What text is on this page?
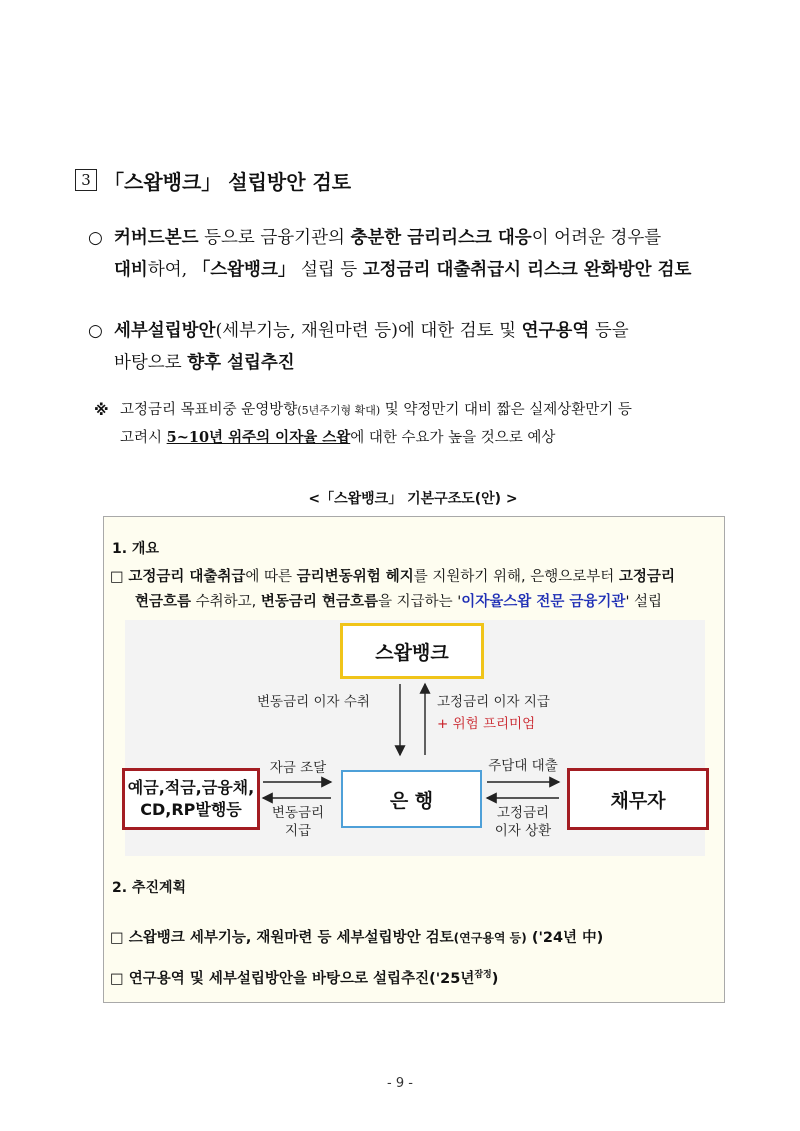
3 「스왑뱅크」 설립방안 검토
○ 커버드본드 등으로 금융기관의 충분한 금리리스크 대응이 어려운 경우를
대비하여, 「스왑뱅크」 설립 등 고정금리 대출취급시 리스크 완화방안 검토
○ 세부설립방안(세부기능, 재원마련 등)에 대한 검토 및 연구용역 등을
바탕으로 향후 설립추진
※ 고정금리 목표비중 운영방향(5년주기형 확대) 및 약정만기 대비 짧은 실제상환만기 등
고려시 5~10년 위주의 이자율 스왑에 대한 수요가 높을 것으로 예상
<「스왑뱅크」 기본구조도(안) >
1. 개요
□ 고정금리 대출취급에 따른 금리변동위험 헤지를 지원하기 위해, 은행으로부터 고정금리
현금흐름 수취하고, 변동금리 현금흐름을 지급하는 '이자율스왑 전문 금융기관' 설립
스왑뱅크
은 행
예금,적금,금융채,
CD,RP발행등	채무자
변동금리 이자 수취	고정금리 이자 지급
+ 위험 프리미엄
자금 조달
변동금리
지급
주담대 대출
고정금리
이자 상환
2. 추진계획
□ 스왑뱅크 세부기능, 재원마련 등 세부설립방안 검토(연구용역 등) ('24년 中)
□ 연구용역 및 세부설립방안을 바탕으로 설립추진('25년$^{잠정}$)
- 9 -
